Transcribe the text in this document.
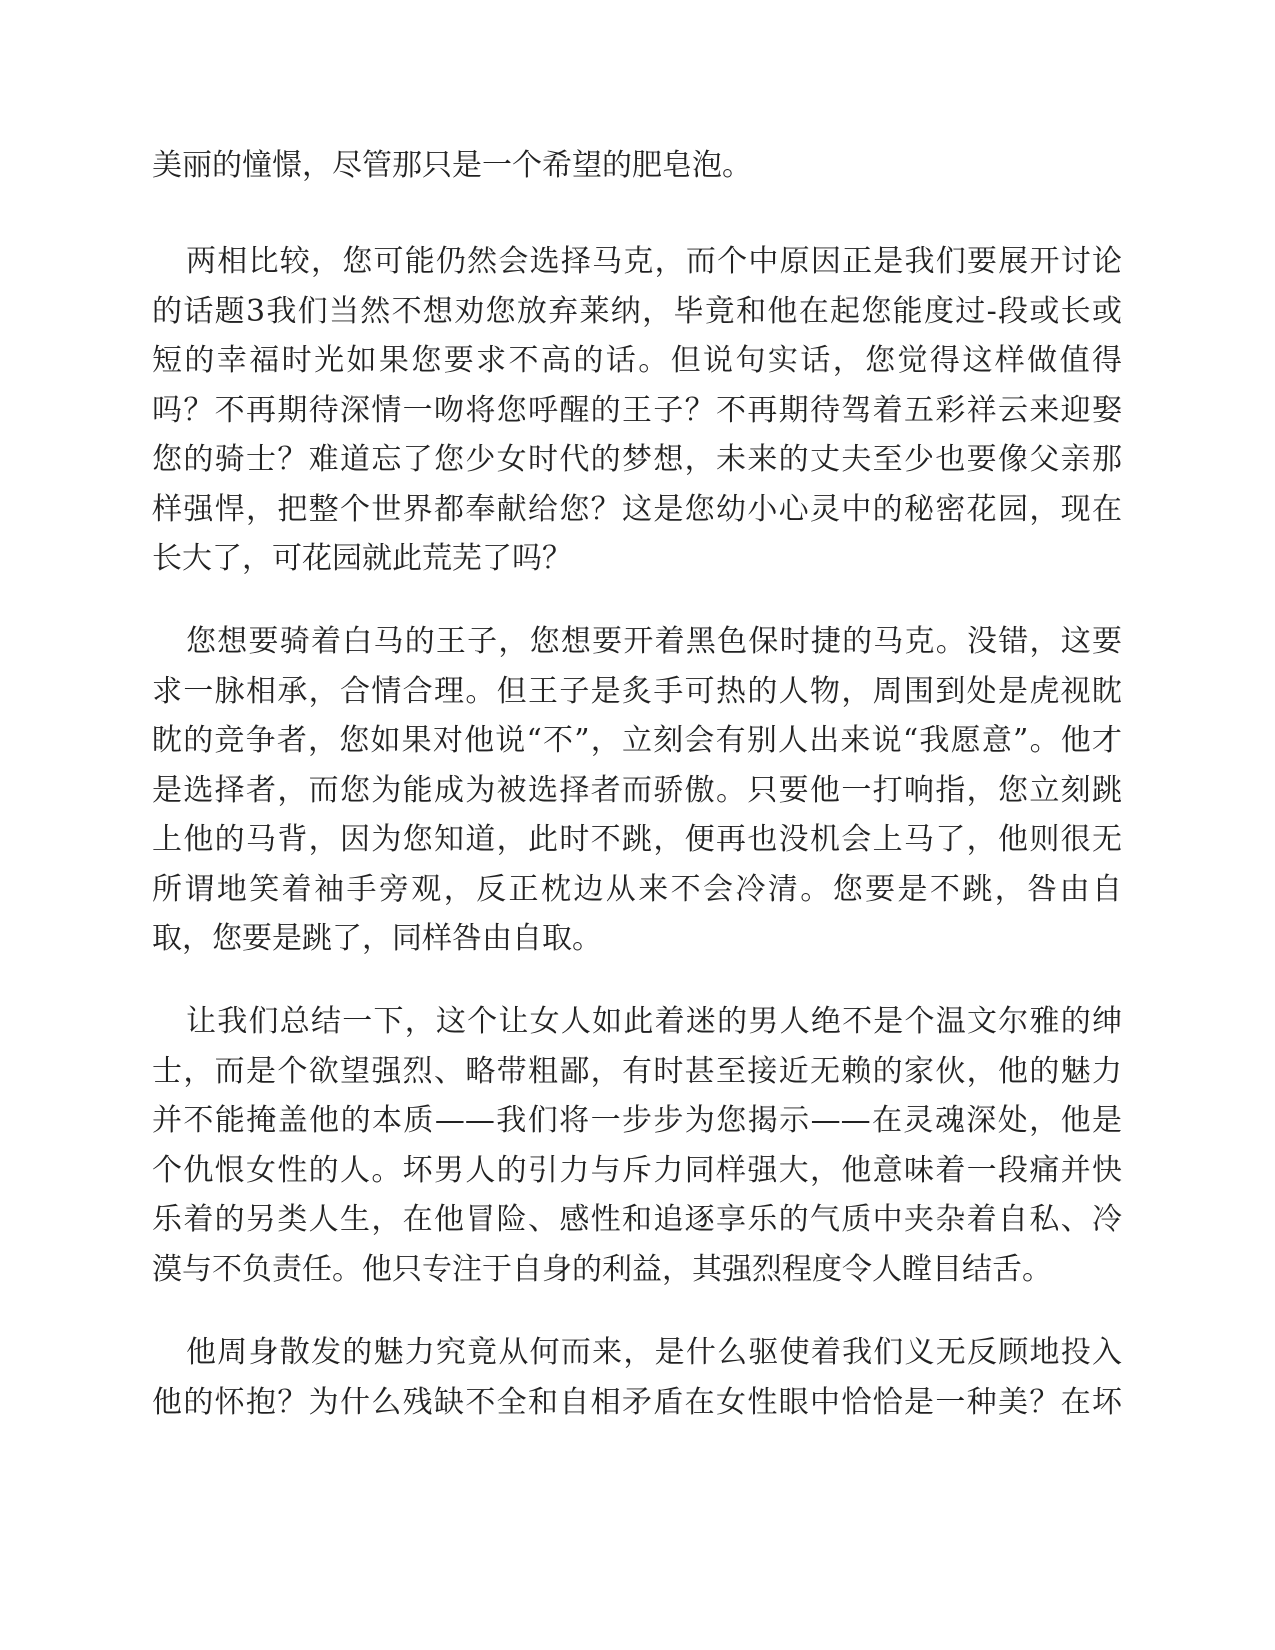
美丽的憧憬，尽管那只是一个希望的肥皂泡。
两相比较，您可能仍然会选择马克，而个中原因正是我们要展开讨论
的话题3我们当然不想劝您放弃莱纳，毕竟和他在起您能度过-段或长或
短的幸福时光如果您要求不高的话。但说句实话，您觉得这样做值得
吗？不再期待深情一吻将您呼醒的王子？不再期待驾着五彩祥云来迎娶
您的骑士？难道忘了您少女时代的梦想，未来的丈夫至少也要像父亲那
样强悍，把整个世界都奉献给您？这是您幼小心灵中的秘密花园，现在
长大了，可花园就此荒芜了吗？
您想要骑着白马的王子，您想要开着黑色保时捷的马克。没错，这要
求一脉相承，合情合理。但王子是炙手可热的人物，周围到处是虎视眈
眈的竞争者，您如果对他说“不”，立刻会有别人出来说“我愿意”。他才
是选择者，而您为能成为被选择者而骄傲。只要他一打响指，您立刻跳
上他的马背，因为您知道，此时不跳，便再也没机会上马了，他则很无
所谓地笑着袖手旁观，反正枕边从来不会冷清。您要是不跳，咎由自
取，您要是跳了，同样咎由自取。
让我们总结一下，这个让女人如此着迷的男人绝不是个温文尔雅的绅
士，而是个欲望强烈、略带粗鄙，有时甚至接近无赖的家伙，他的魅力
并不能掩盖他的本质——我们将一步步为您揭示——在灵魂深处，他是
个仇恨女性的人。坏男人的引力与斥力同样强大，他意味着一段痛并快
乐着的另类人生，在他冒险、感性和追逐享乐的气质中夹杂着自私、冷
漠与不负责任。他只专注于自身的利益，其强烈程度令人瞠目结舌。
他周身散发的魅力究竟从何而来，是什么驱使着我们义无反顾地投入
他的怀抱？为什么残缺不全和自相矛盾在女性眼中恰恰是一种美？在坏
